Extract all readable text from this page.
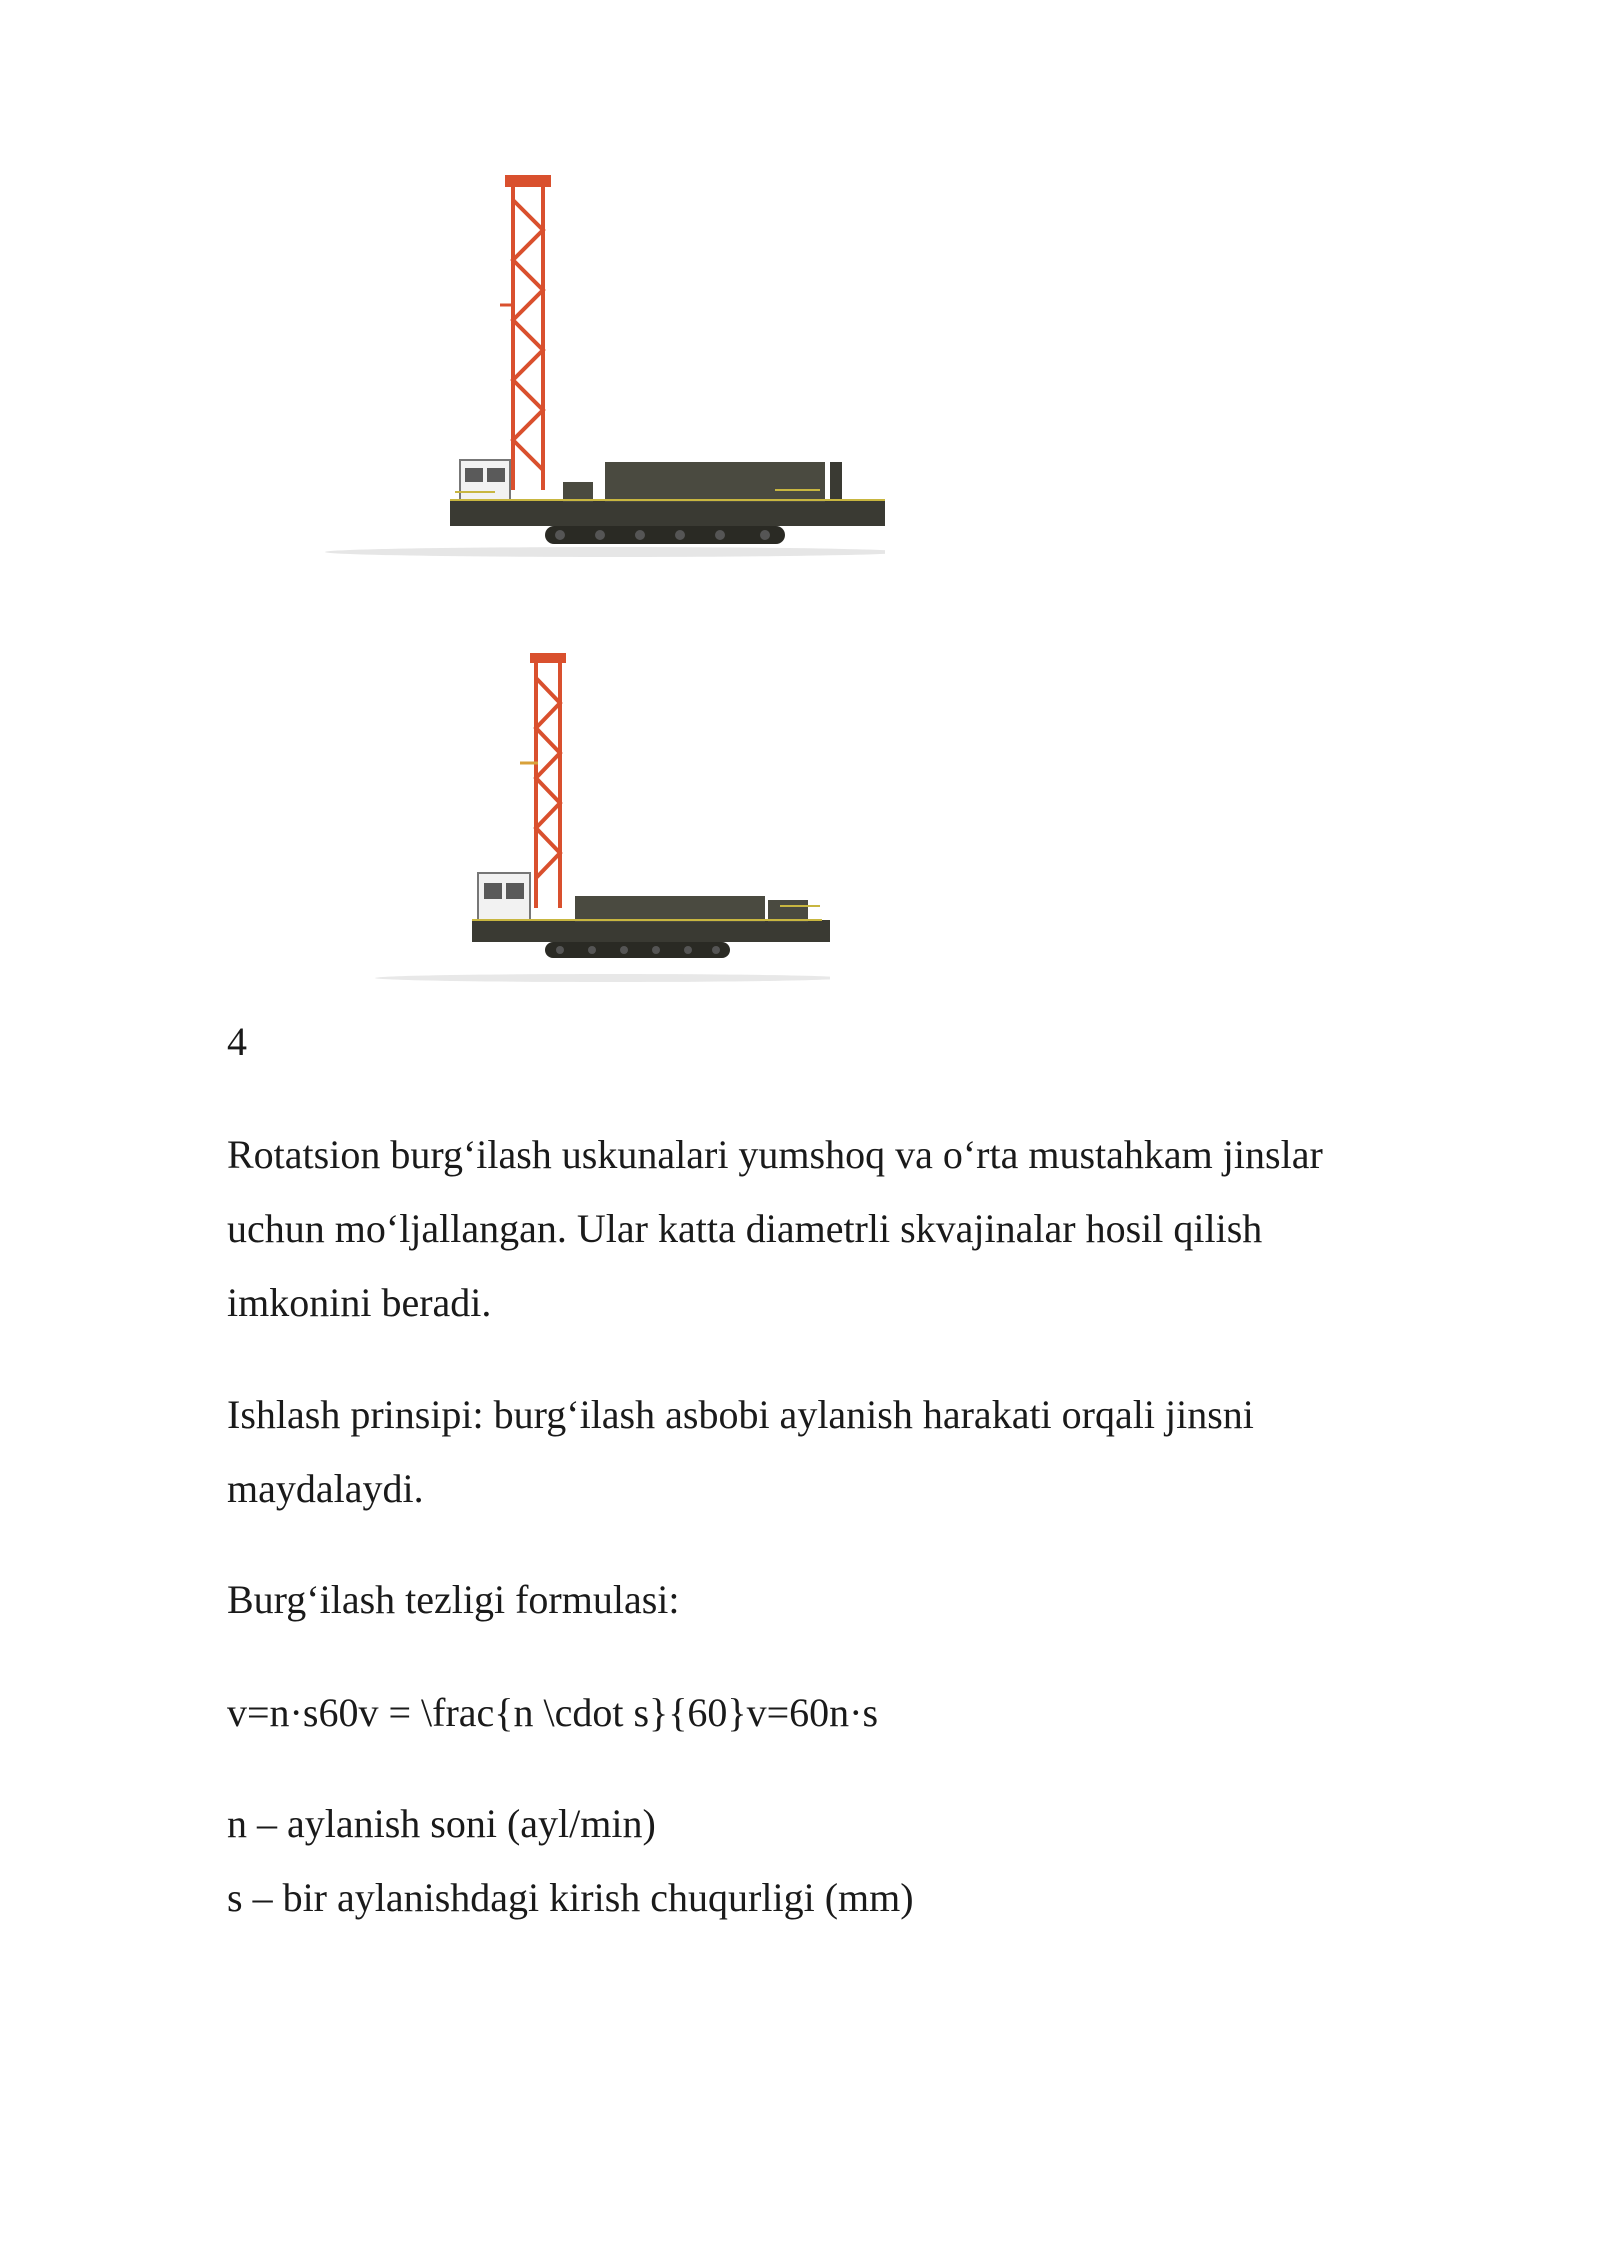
4

Rotatsion burg‘ilash uskunalari yumshoq va o‘rta mustahkam jinslar
uchun mo‘ljallangan. Ular katta diametrli skvajinalar hosil qilish
imkonini beradi.

Ishlash prinsipi: burg‘ilash asbobi aylanish harakati orqali jinsni
maydalaydi.

Burg‘ilash tezligi formulasi:

v=n·s60v = \frac{n \cdot s}{60}v=60n·s

n – aylanish soni (ayl/min)
s – bir aylanishdagi kirish chuqurligi (mm)
